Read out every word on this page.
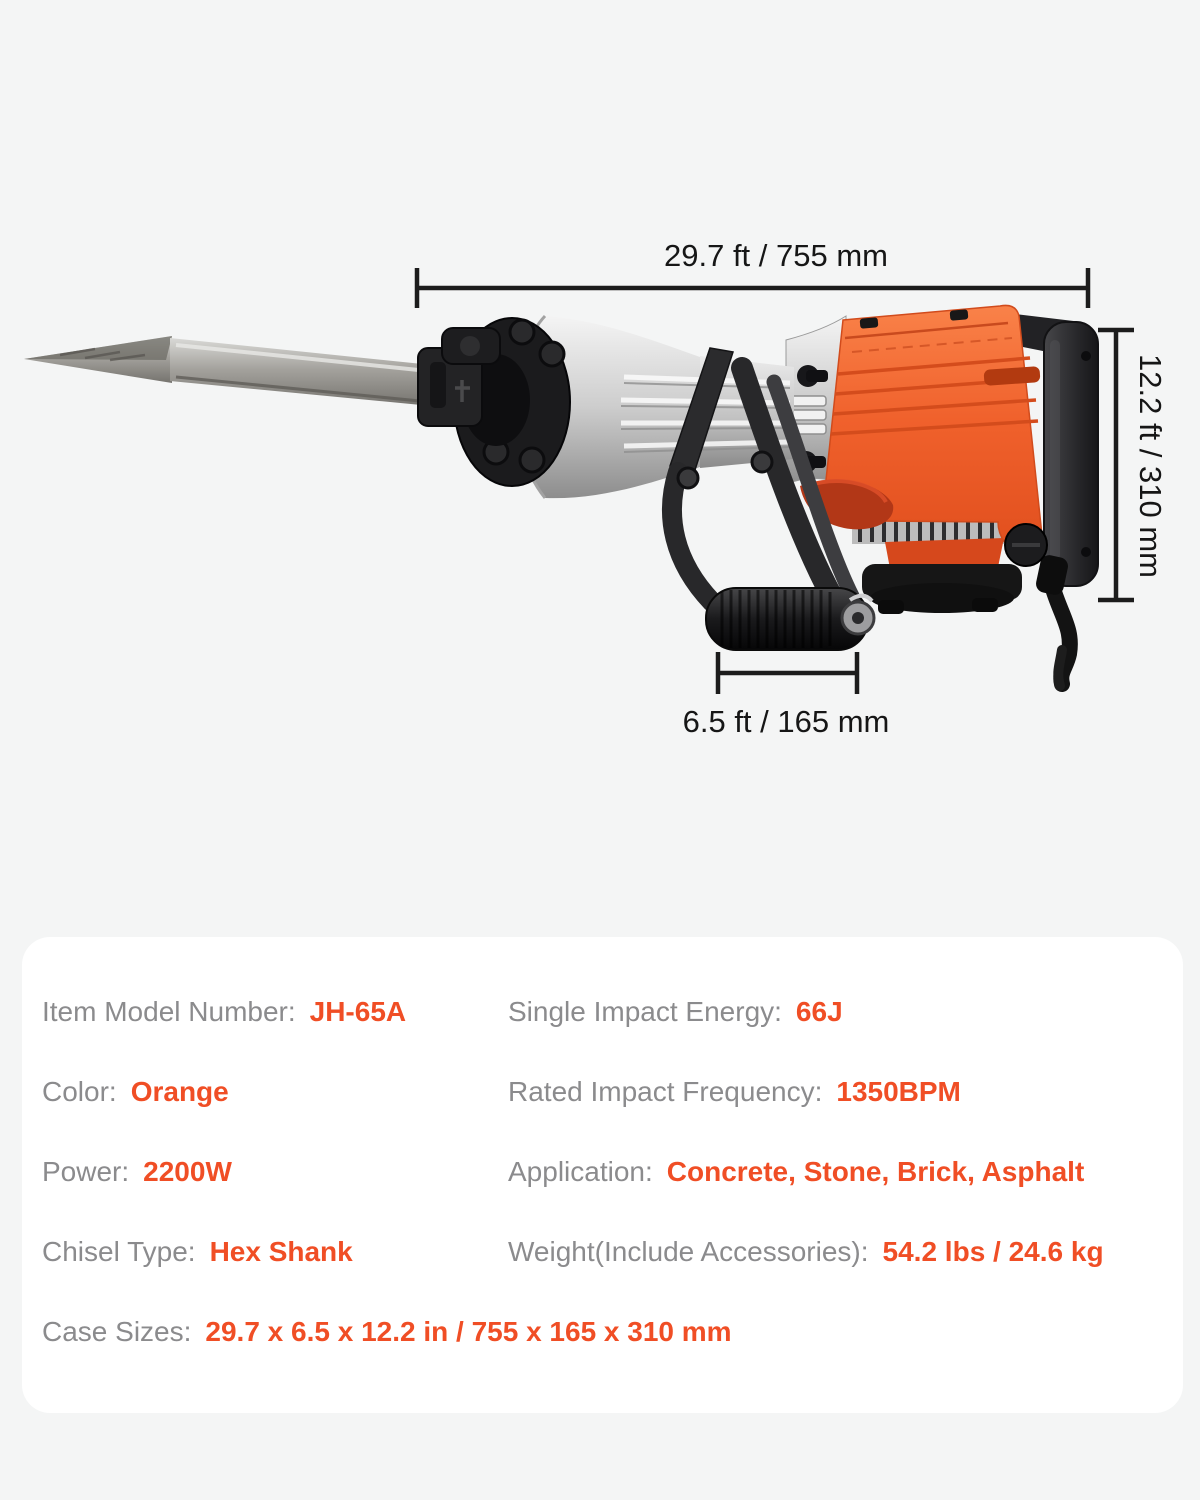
29.7 ft / 755 mm
12.2 ft / 310 mm
6.5 ft / 165 mm
Item Model Number: JH-65A	Single Impact Energy: 66J
Color: Orange	Rated Impact Frequency: 1350BPM
Power: 2200W	Application: Concrete, Stone, Brick, Asphalt
Chisel Type: Hex Shank	Weight(Include Accessories): 54.2 lbs / 24.6 kg
Case Sizes: 29.7 x 6.5 x 12.2 in / 755 x 165 x 310 mm
